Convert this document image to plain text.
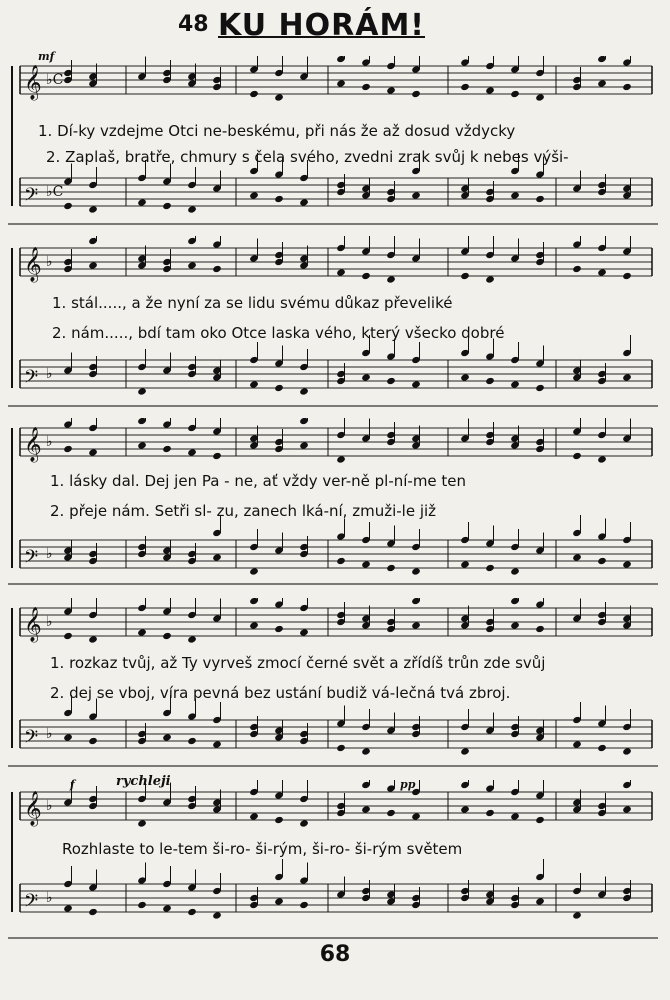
48 KU HORÁM!
𝄞 ♭C
𝄢 ♭C
mf
1. Dí-ky vzdejme Otci ne-beskému, při nás že až dosud vždycky
2. Zaplaš, bratře, chmury s čela svého, zvedni zrak svůj k nebes výši-
𝄞 ♭
𝄢 ♭
1. stál....., a že nyní za se lidu svému důkaz převeliké
2. nám....., bdí tam oko Otce laska vého, který všecko dobré
𝄞 ♭
𝄢 ♭
1. lásky dal. Dej jen Pa - ne, ať vždy ver-ně pl-ní-me ten
2. přeje nám. Setři sl- zu, zanech lká-ní, zmuži-le již
𝄞 ♭
𝄢 ♭
1. rozkaz tvůj, až Ty vyrveš zmocí černé svět a zřídíš trůn zde svůj
2. dej se vboj, víra pevná bez ustání budiž vá-lečná tvá zbroj.
𝄞 ♭
𝄢 ♭
f	rychleji	pp
Rozhlaste to le-tem ši-ro- ši-rým, ši-ro- ši-rým světem
68
